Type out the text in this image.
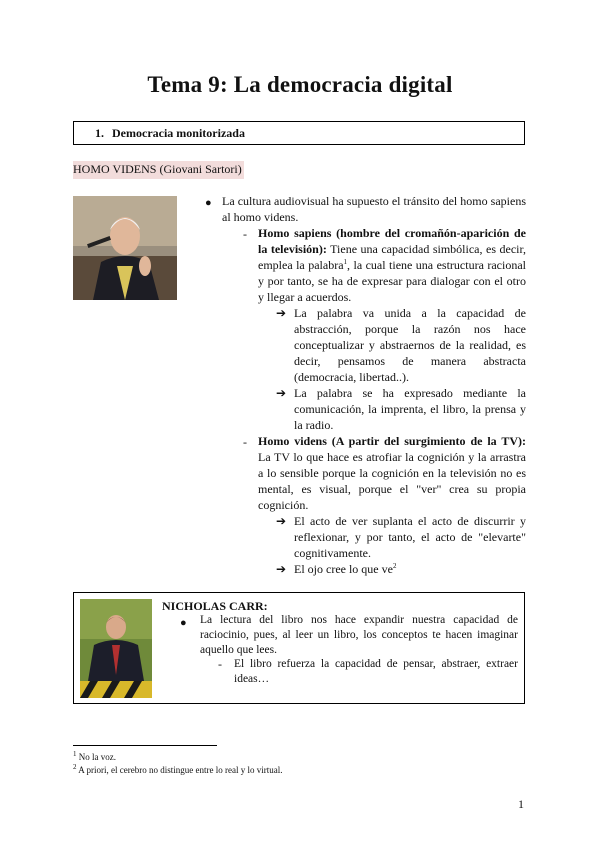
Tema 9: La democracia digital
1. Democracia monitorizada
HOMO VIDENS (Giovani Sartori)
● La cultura audiovisual ha supuesto el tránsito del homo sapiens al homo videns.
- Homo sapiens (hombre del cromañón-aparición de la televisión): Tiene una capacidad simbólica, es decir, emplea la palabra$^1$, la cual tiene una estructura racional y por tanto, se ha de expresar para dialogar con el otro y llegar a acuerdos.
➔ La palabra va unida a la capacidad de abstracción, porque la razón nos hace conceptualizar y abstraernos de la realidad, es decir, pensamos de manera abstracta (democracia, libertad..).
➔ La palabra se ha expresado mediante la comunicación, la imprenta, el libro, la prensa y la radio.
- Homo videns (A partir del surgimiento de la TV): La TV lo que hace es atrofiar la cognición y la arrastra a lo sensible porque la cognición en la televisión no es mental, es visual, porque el "ver" crea su propia cognición.
➔ El acto de ver suplanta el acto de discurrir y reflexionar, y por tanto, el acto de "elevarte" cognitivamente.
➔ El ojo cree lo que $ve^2$
NICHOLAS CARR:
● La lectura del libro nos hace expandir nuestra capacidad de raciocinio, pues, al leer un libro, los conceptos te hacen imaginar aquello que lees.
- El libro refuerza la capacidad de pensar, abstraer, extraer ideas…
$^1$ No la voz.
$^2$ A priori, el cerebro no distingue entre lo real y lo virtual.
1
